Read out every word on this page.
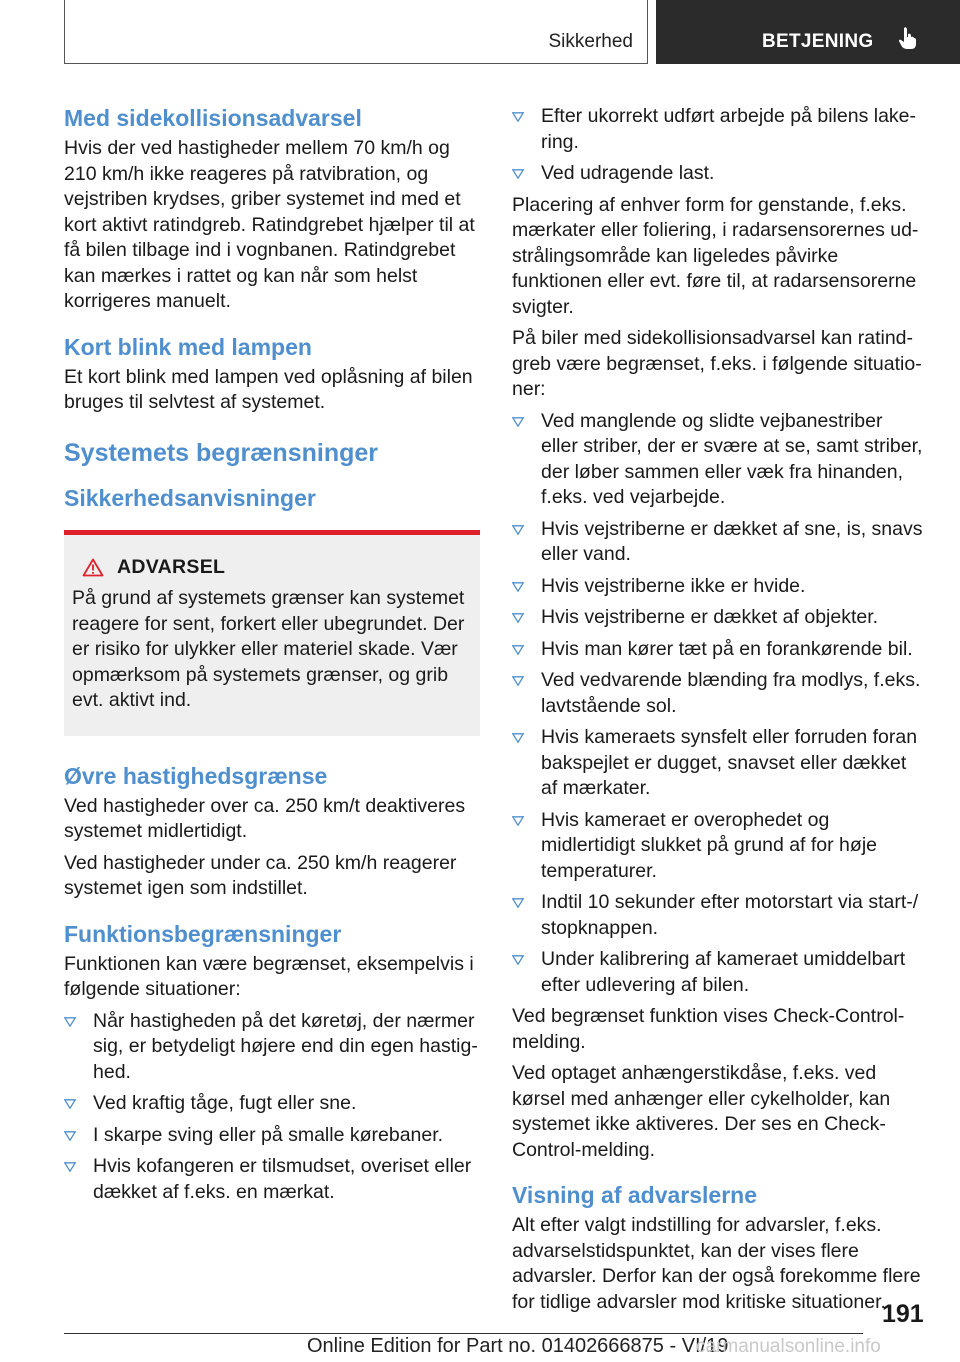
Sikkerhed	BETJENING
Med sidekollisionsadvarsel

Hvis der ved hastigheder mellem 70 km/h og 210 km/h ikke reageres på ratvibration, og vejstriben krydses, griber systemet ind med et kort aktivt ratindgreb. Ratindgrebet hjælper til at få bilen tilbage ind i vognbanen. Ratindgrebet kan mærkes i rattet og kan når som helst korrigeres manuelt.

Kort blink med lampen

Et kort blink med lampen ved oplåsning af bilen bruges til selvtest af systemet.

Systemets begrænsninger
Sikkerhedsanvisninger
ADVARSEL

På grund af systemets grænser kan systemet reagere for sent, forkert eller ubegrundet. Der er risiko for ulykker eller materiel skade. Vær opmærksom på systemets grænser, og grib evt. aktivt ind.

Øvre hastighedsgrænse

Ved hastigheder over ca. 250 km/t deaktiveres systemet midlertidigt.

Ved hastigheder under ca. 250 km/h reagerer systemet igen som indstillet.

Funktionsbegrænsninger

Funktionen kan være begrænset, eksempelvis i følgende situationer:

Når hastigheden på det køretøj, der nærmer sig, er betydeligt højere end din egen hastighed.
Ved kraftig tåge, fugt eller sne.
I skarpe sving eller på smalle kørebaner.
Hvis kofangeren er tilsmudset, overiset eller dækket af f.eks. en mærkat.
Efter ukorrekt udført arbejde på bilens lakering.
Ved udragende last.

Placering af enhver form for genstande, f.eks. mærkater eller foliering, i radarsensorernes udstrålingsområde kan ligeledes påvirke funktionen eller evt. føre til, at radarsensorerne svigter.

På biler med sidekollisionsadvarsel kan ratindgreb være begrænset, f.eks. i følgende situationer:

Ved manglende og slidte vejbanestriber eller striber, der er svære at se, samt striber, der løber sammen eller væk fra hinanden, f.eks. ved vejarbejde.
Hvis vejstriberne er dækket af sne, is, snavs eller vand.
Hvis vejstriberne ikke er hvide.
Hvis vejstriberne er dækket af objekter.
Hvis man kører tæt på en forankørende bil.
Ved vedvarende blænding fra modlys, f.eks. lavtstående sol.
Hvis kameraets synsfelt eller forruden foran bakspejlet er dugget, snavset eller dækket af mærkater.
Hvis kameraet er overophedet og midlertidigt slukket på grund af for høje temperaturer.
Indtil 10 sekunder efter motorstart via start-/ stopknappen.
Under kalibrering af kameraet umiddelbart efter udlevering af bilen.

Ved begrænset funktion vises Check-Control-melding.

Ved optaget anhængerstikdåse, f.eks. ved kørsel med anhænger eller cykelholder, kan systemet ikke aktiveres. Der ses en Check-Control-melding.

Visning af advarslerne

Alt efter valgt indstilling for advarsler, f.eks. advarselstidspunktet, kan der vises flere advarsler. Derfor kan der også forekomme flere for tidlige advarsler mod kritiske situationer.

191
Online Edition for Part no. 01402666875 - VI/19
carmanualsonline.info
